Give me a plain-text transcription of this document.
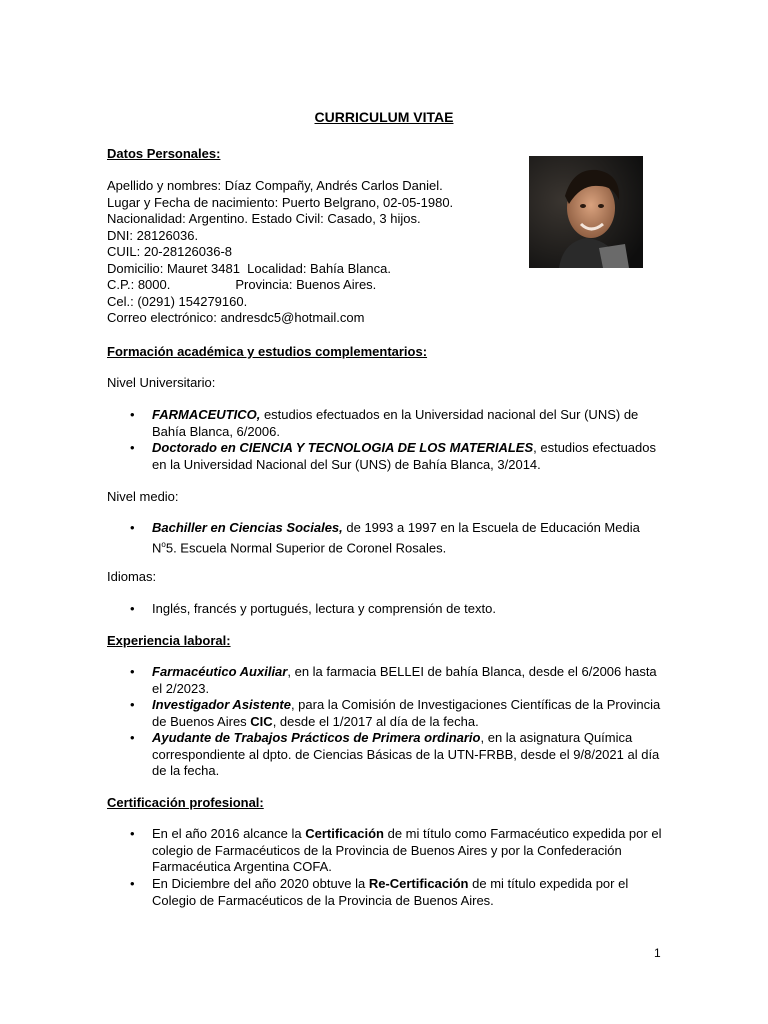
CURRICULUM VITAE
Datos Personales:
Apellido y nombres: Díaz Compañy, Andrés Carlos Daniel.
Lugar y Fecha de nacimiento: Puerto Belgrano, 02-05-1980.
Nacionalidad: Argentino. Estado Civil: Casado, 3 hijos.
DNI: 28126036.
CUIL: 20-28126036-8
Domicilio: Mauret 3481  Localidad: Bahía Blanca.
C.P.: 8000.                  Provincia: Buenos Aires.
Cel.: (0291) 154279160.
Correo electrónico: andresdc5@hotmail.com
Formación académica y estudios complementarios:
Nivel Universitario:
• FARMACEUTICO, estudios efectuados en la Universidad nacional del Sur (UNS) de Bahía Blanca, 6/2006.
• Doctorado en CIENCIA Y TECNOLOGIA DE LOS MATERIALES, estudios efectuados en la Universidad Nacional del Sur (UNS) de Bahía Blanca, 3/2014.
Nivel medio:
• Bachiller en Ciencias Sociales, de 1993 a 1997 en la Escuela de Educación Media $N^o5$. Escuela Normal Superior de Coronel Rosales.
Idiomas:
• Inglés, francés y portugués, lectura y comprensión de texto.
Experiencia laboral:
• Farmacéutico Auxiliar, en la farmacia BELLEI de bahía Blanca, desde el 6/2006 hasta el 2/2023.
• Investigador Asistente, para la Comisión de Investigaciones Científicas de la Provincia de Buenos Aires CIC, desde el 1/2017 al día de la fecha.
• Ayudante de Trabajos Prácticos de Primera ordinario, en la asignatura Química correspondiente al dpto. de Ciencias Básicas de la UTN-FRBB, desde el 9/8/2021 al día de la fecha.
Certificación profesional:
• En el año 2016 alcance la Certificación de mi título como Farmacéutico expedida por el colegio de Farmacéuticos de la Provincia de Buenos Aires y por la Confederación Farmacéutica Argentina COFA.
• En Diciembre del año 2020 obtuve la Re-Certificación de mi título expedida por el Colegio de Farmacéuticos de la Provincia de Buenos Aires.
1
